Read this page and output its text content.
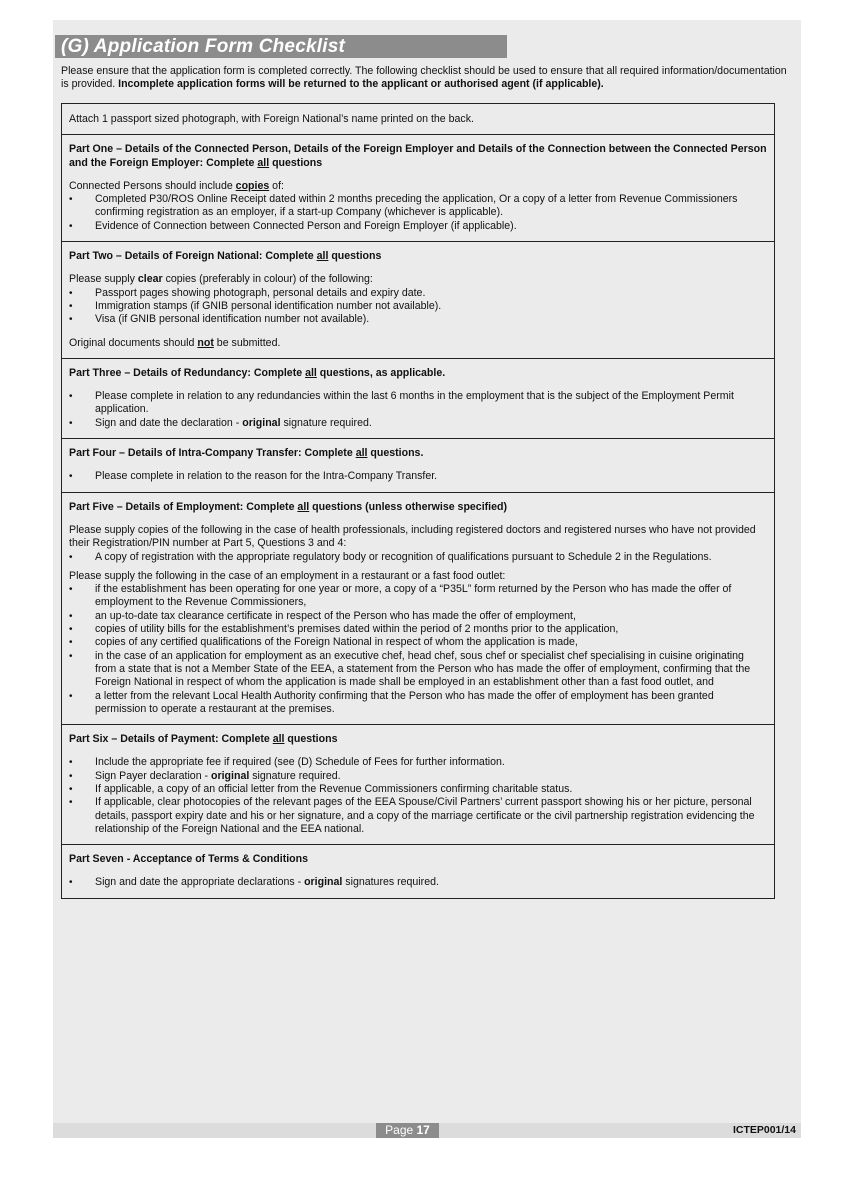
(G) Application Form Checklist
Please ensure that the application form is completed correctly. The following checklist should be used to ensure that all required information/documentation is provided. Incomplete application forms will be returned to the applicant or authorised agent (if applicable).
Attach 1 passport sized photograph, with Foreign National’s name printed on the back.
Part One – Details of the Connected Person, Details of the Foreign Employer and Details of the Connection between the Connected Person and the Foreign Employer: Complete all questions
Connected Persons should include copies of:
• Completed P30/ROS Online Receipt dated within 2 months preceding the application, Or a copy of a letter from Revenue Commissioners confirming registration as an employer, if a start-up Company (whichever is applicable).
• Evidence of Connection between Connected Person and Foreign Employer (if applicable).
Part Two – Details of Foreign National: Complete all questions
Please supply clear copies (preferably in colour) of the following:
• Passport pages showing photograph, personal details and expiry date.
• Immigration stamps (if GNIB personal identification number not available).
• Visa (if GNIB personal identification number not available).
Original documents should not be submitted.
Part Three – Details of Redundancy: Complete all questions, as applicable.
• Please complete in relation to any redundancies within the last 6 months in the employment that is the subject of the Employment Permit application.
• Sign and date the declaration - original signature required.
Part Four – Details of Intra-Company Transfer: Complete all questions.
• Please complete in relation to the reason for the Intra-Company Transfer.
Part Five – Details of Employment: Complete all questions (unless otherwise specified)
Please supply copies of the following in the case of health professionals, including registered doctors and registered nurses who have not provided their Registration/PIN number at Part 5, Questions 3 and 4:
• A copy of registration with the appropriate regulatory body or recognition of qualifications pursuant to Schedule 2 in the Regulations.
Please supply the following in the case of an employment in a restaurant or a fast food outlet:
• if the establishment has been operating for one year or more, a copy of a “P35L” form returned by the Person who has made the offer of employment to the Revenue Commissioners,
• an up-to-date tax clearance certificate in respect of the Person who has made the offer of employment,
• copies of utility bills for the establishment’s premises dated within the period of 2 months prior to the application,
• copies of any certified qualifications of the Foreign National in respect of whom the application is made,
• in the case of an application for employment as an executive chef, head chef, sous chef or specialist chef specialising in cuisine originating from a state that is not a Member State of the EEA, a statement from the Person who has made the offer of employment, confirming that the Foreign National in respect of whom the application is made shall be employed in an establishment other than a fast food outlet, and
• a letter from the relevant Local Health Authority confirming that the Person who has made the offer of employment has been granted permission to operate a restaurant at the premises.
Part Six – Details of Payment: Complete all questions
• Include the appropriate fee if required (see (D) Schedule of Fees for further information.
• Sign Payer declaration - original signature required.
• If applicable, a copy of an official letter from the Revenue Commissioners confirming charitable status.
• If applicable, clear photocopies of the relevant pages of the EEA Spouse/Civil Partners’ current passport showing his or her picture, personal details, passport expiry date and his or her signature, and a copy of the marriage certificate or the civil partnership registration evidencing the relationship of the Foreign National and the EEA national.
Part Seven - Acceptance of Terms & Conditions
• Sign and date the appropriate declarations - original signatures required.
Page 17	ICTEP001/14
